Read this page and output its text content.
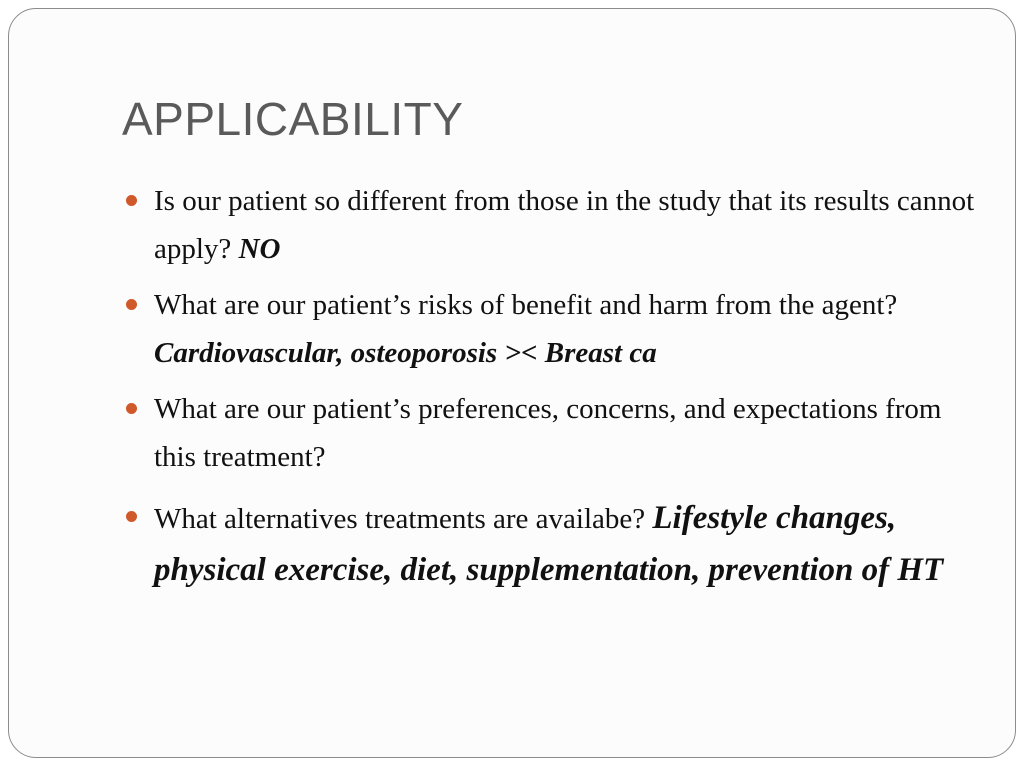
APPLICABILITY
Is our patient so different from those in the study that its results cannot apply? NO
What are our patient’s risks of benefit and harm from the agent? Cardiovascular, osteoporosis >< Breast ca
What are our patient’s preferences, concerns, and expectations from this treatment?
What alternatives treatments are availabe? Lifestyle changes, physical exercise, diet, supplementation, prevention of HT
